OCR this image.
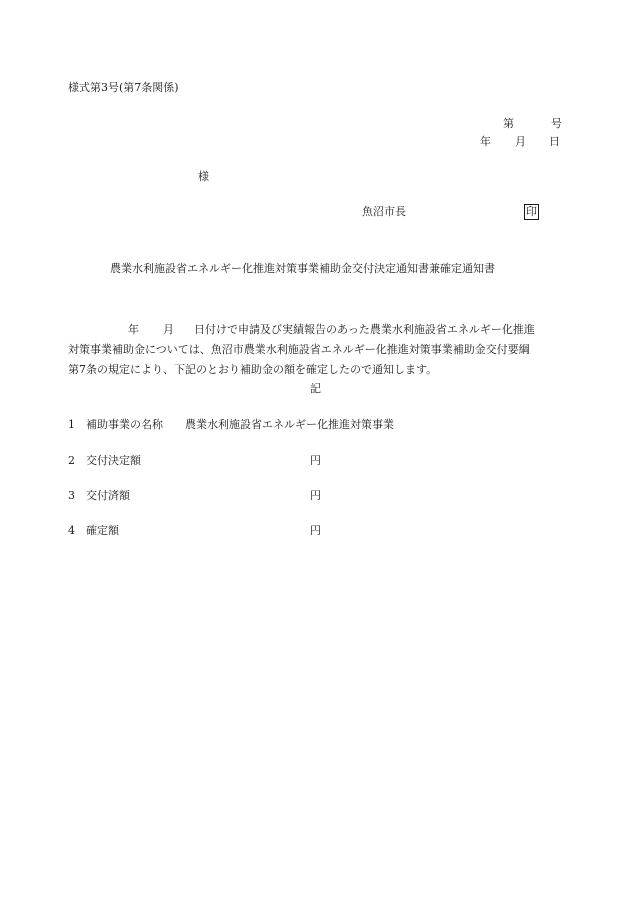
様式第3号(第7条関係)
第	号
年 月 日
様
魚沼市長	印
農業水利施設省エネルギー化推進対策事業補助金交付決定通知書兼確定通知書
年 月 日付けで申請及び実績報告のあった農業水利施設省エネルギー化推進
対策事業補助金については、魚沼市農業水利施設省エネルギー化推進対策事業補助金交付要綱
第7条の規定により、下記のとおり補助金の額を確定したので通知します。
記
1 補助事業の名称 農業水利施設省エネルギー化推進対策事業
2 交付決定額	円
3 交付済額	円
4 確定額	円
